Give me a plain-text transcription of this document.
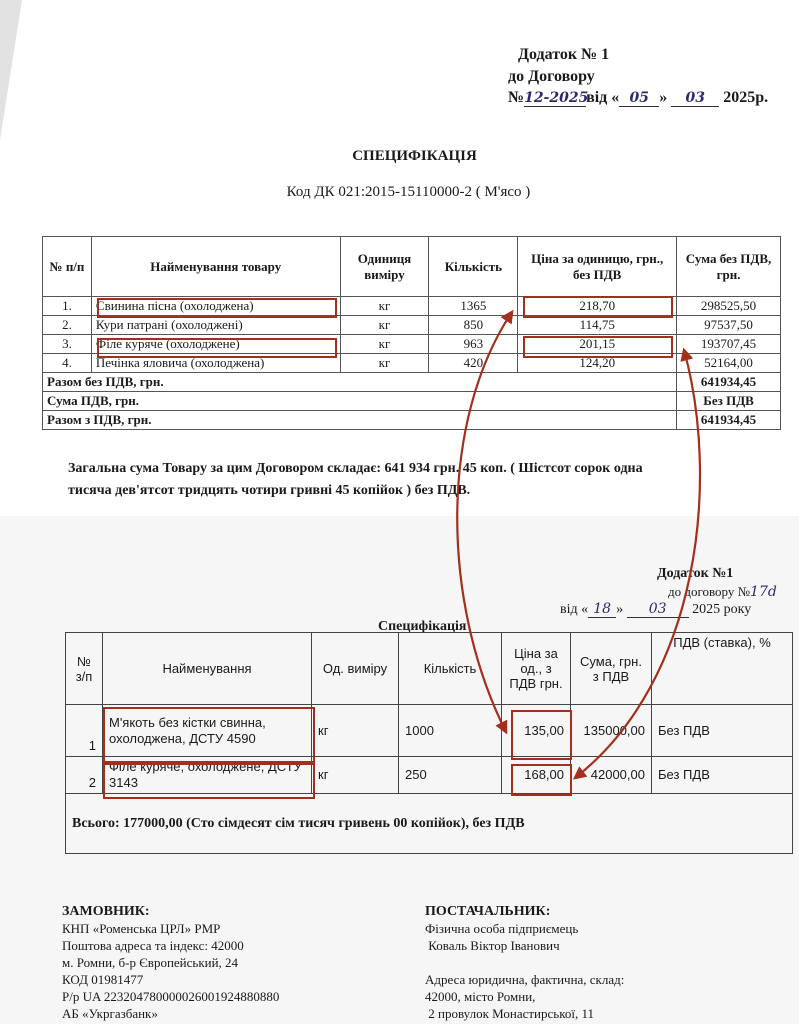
Додаток № 1
до Договору
№12-2025від « 05 » 03 2025р.
СПЕЦИФІКАЦІЯ
Код ДК 021:2015-15110000-2 ( М'ясо )
№ п/п	Найменування товару	Одиниця виміру	Кількість	Ціна за одиницю, грн., без ПДВ	Сума без ПДВ, грн.
1.	Свинина пісна (охолоджена)	кг	1365	218,70	298525,50
2.	Кури патрані (охолоджені)	кг	850	114,75	97537,50
3.	Філе куряче (охолоджене)	кг	963	201,15	193707,45
4.	Печінка яловича (охолоджена)	кг	420	124,20	52164,00
Разом без ПДВ, грн.					641934,45
Сума ПДВ, грн.					Без ПДВ
Разом з ПДВ, грн.					641934,45
Загальна сума Товару за цим Договором складає: 641 934 грн. 45 коп. ( Шістсот сорок одна
тисяча дев'ятсот тридцять чотири гривні 45 копійок ) без ПДВ.
Додаток №1
до договору №17d
від « 18 » 03 2025 року
Специфікація
№ з/п	Найменування	Од. виміру	Кількість	Ціна за од., з ПДВ грн.	Сума, грн. з ПДВ	ПДВ (ставка), %
1	М'якоть без кістки свинна, охолоджена, ДСТУ 4590	кг	1000	135,00	135000,00	Без ПДВ
2	Філе куряче, охолоджене, ДСТУ 3143	кг	250	168,00	42000,00	Без ПДВ
Всього: 177000,00 (Сто сімдесят сім тисяч гривень 00 копійок), без ПДВ						
ЗАМОВНИК:
КНП «Роменська ЦРЛ» РМР
Поштова адреса та індекс: 42000
м. Ромни, б-р Європейський, 24
КОД 01981477
Р/р UA 223204780000026001924880880
АБ «Укргазбанк»
ПОСТАЧАЛЬНИК:
Фізична особа підприємець
Коваль Віктор Іванович
Адреса юридична, фактична, склад:
42000, місто Ромни,
2 провулок Монастирської, 11
